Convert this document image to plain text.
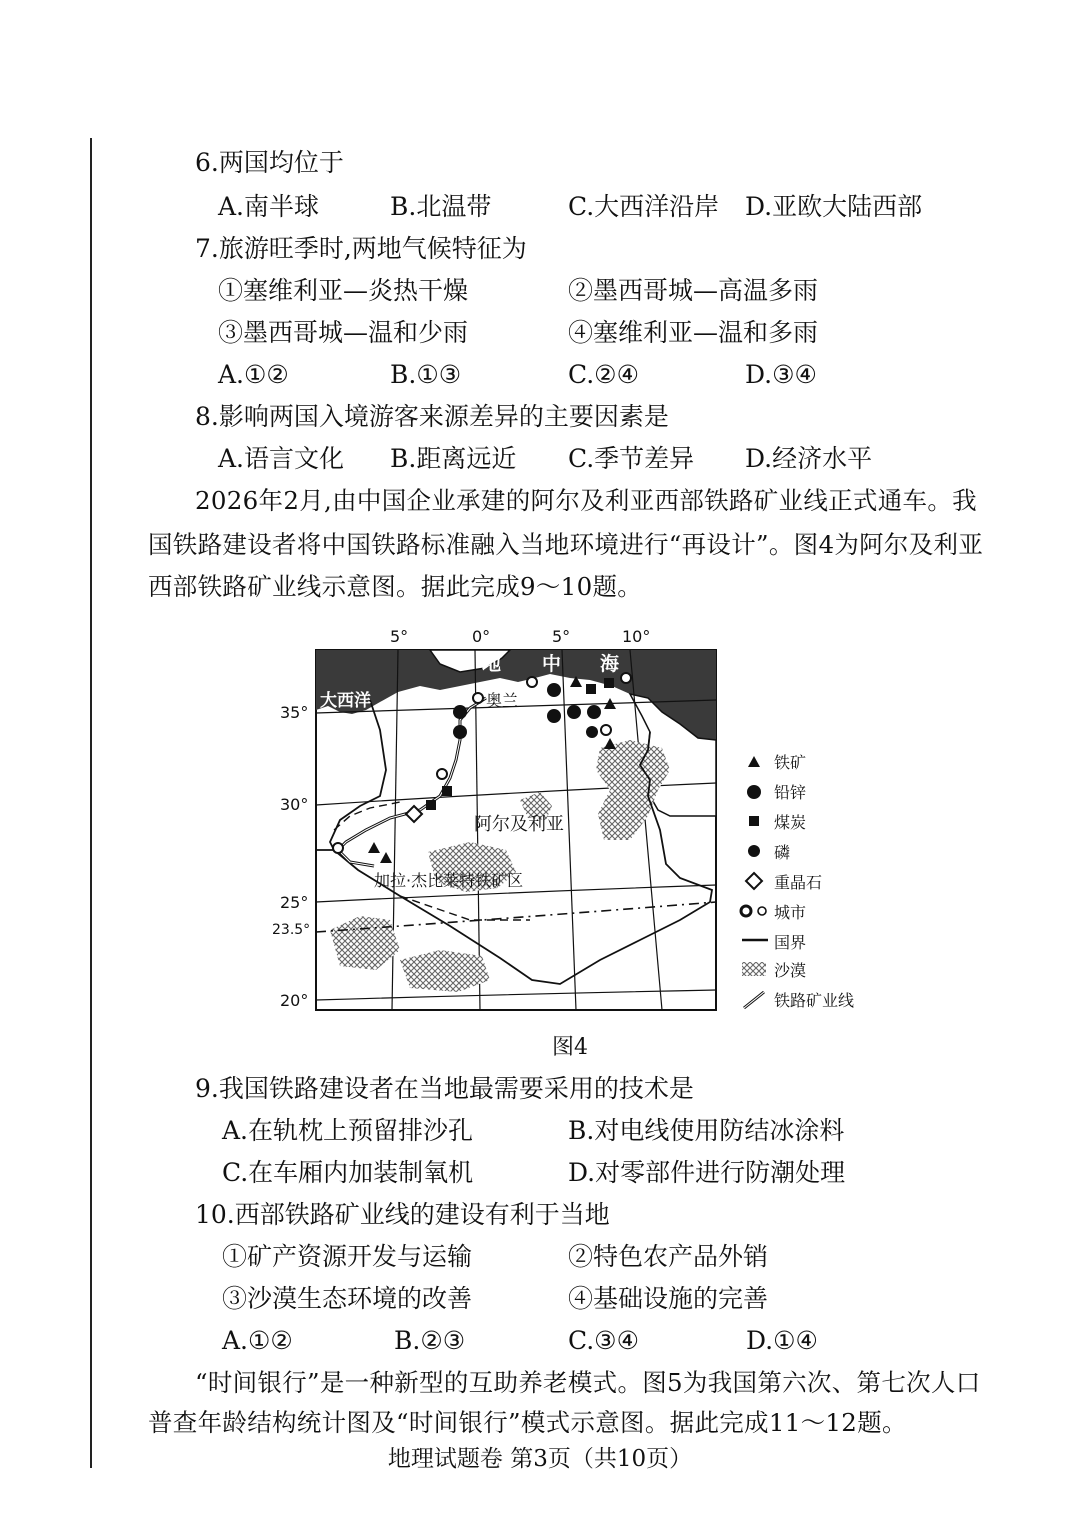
6.两国均位于
A.南半球	B.北温带	C.大西洋沿岸 D.亚欧大陆西部
7.旅游旺季时,两地气候特征为
①塞维利亚—炎热干燥	②墨西哥城—高温多雨
③墨西哥城—温和少雨	④塞维利亚—温和多雨
A.①②	B.①③	C.②④	D.③④
8.影响两国入境游客来源差异的主要因素是
A.语言文化 B.距离远近 C.季节差异 D.经济水平
2026年2月,由中国企业承建的阿尔及利亚西部铁路矿业线正式通车。我
国铁路建设者将中国铁路标准融入当地环境进行“再设计”。图4为阿尔及利亚
西部铁路矿业线示意图。据此完成9～10题。
5°	0°	5°	10°
35°
30°
25°
23.5°
20°
地 中 海
大西洋	奥兰
阿尔及利亚
加拉·杰比莱特铁矿区
铁矿
铅锌
煤炭
磷
重晶石
城市
国界
沙漠
铁路矿业线
图4
9.我国铁路建设者在当地最需要采用的技术是
A.在轨枕上预留排沙孔	B.对电线使用防结冰涂料
C.在车厢内加装制氧机	D.对零部件进行防潮处理
10.西部铁路矿业线的建设有利于当地
①矿产资源开发与运输	②特色农产品外销
③沙漠生态环境的改善	④基础设施的完善
A.①②	B.②③	C.③④	D.①④
“时间银行”是一种新型的互助养老模式。图5为我国第六次、第七次人口
普查年龄结构统计图及“时间银行”模式示意图。据此完成11～12题。
地理试题卷 第3页（共10页）
